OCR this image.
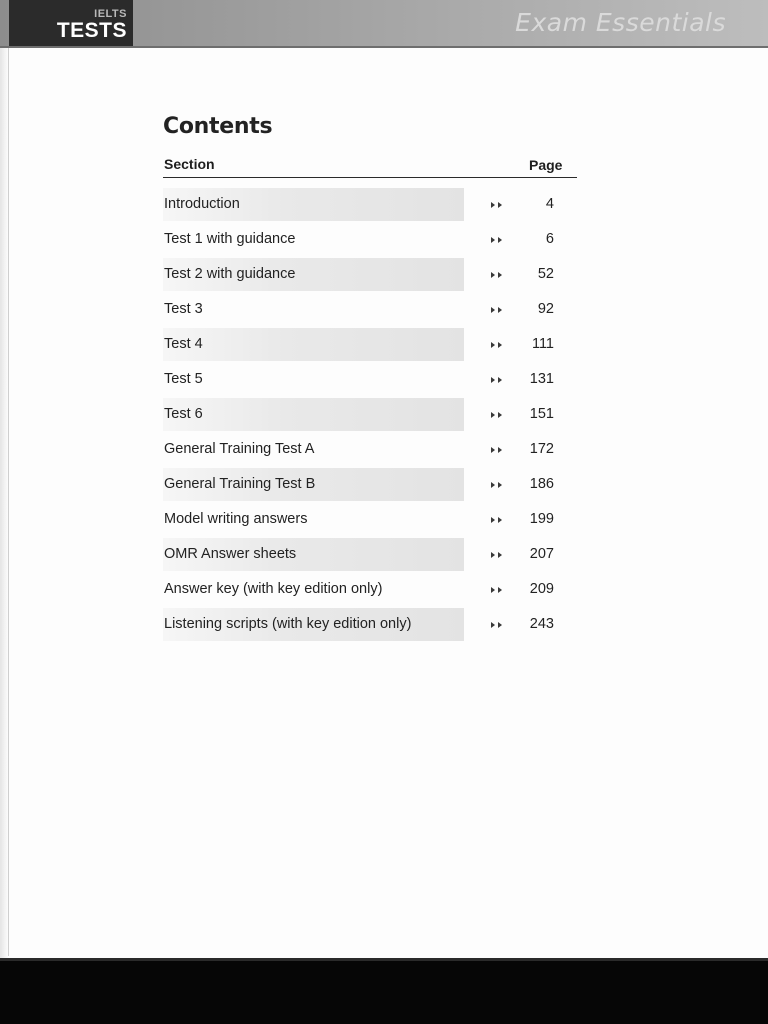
IELTS
TESTS	Exam Essentials
Contents
Section	Page
Introduction	4
Test 1 with guidance	6
Test 2 with guidance	52
Test 3	92
Test 4	111
Test 5	131
Test 6	151
General Training Test A	172
General Training Test B	186
Model writing answers	199
OMR Answer sheets	207
Answer key (with key edition only)	209
Listening scripts (with key edition only)	243
